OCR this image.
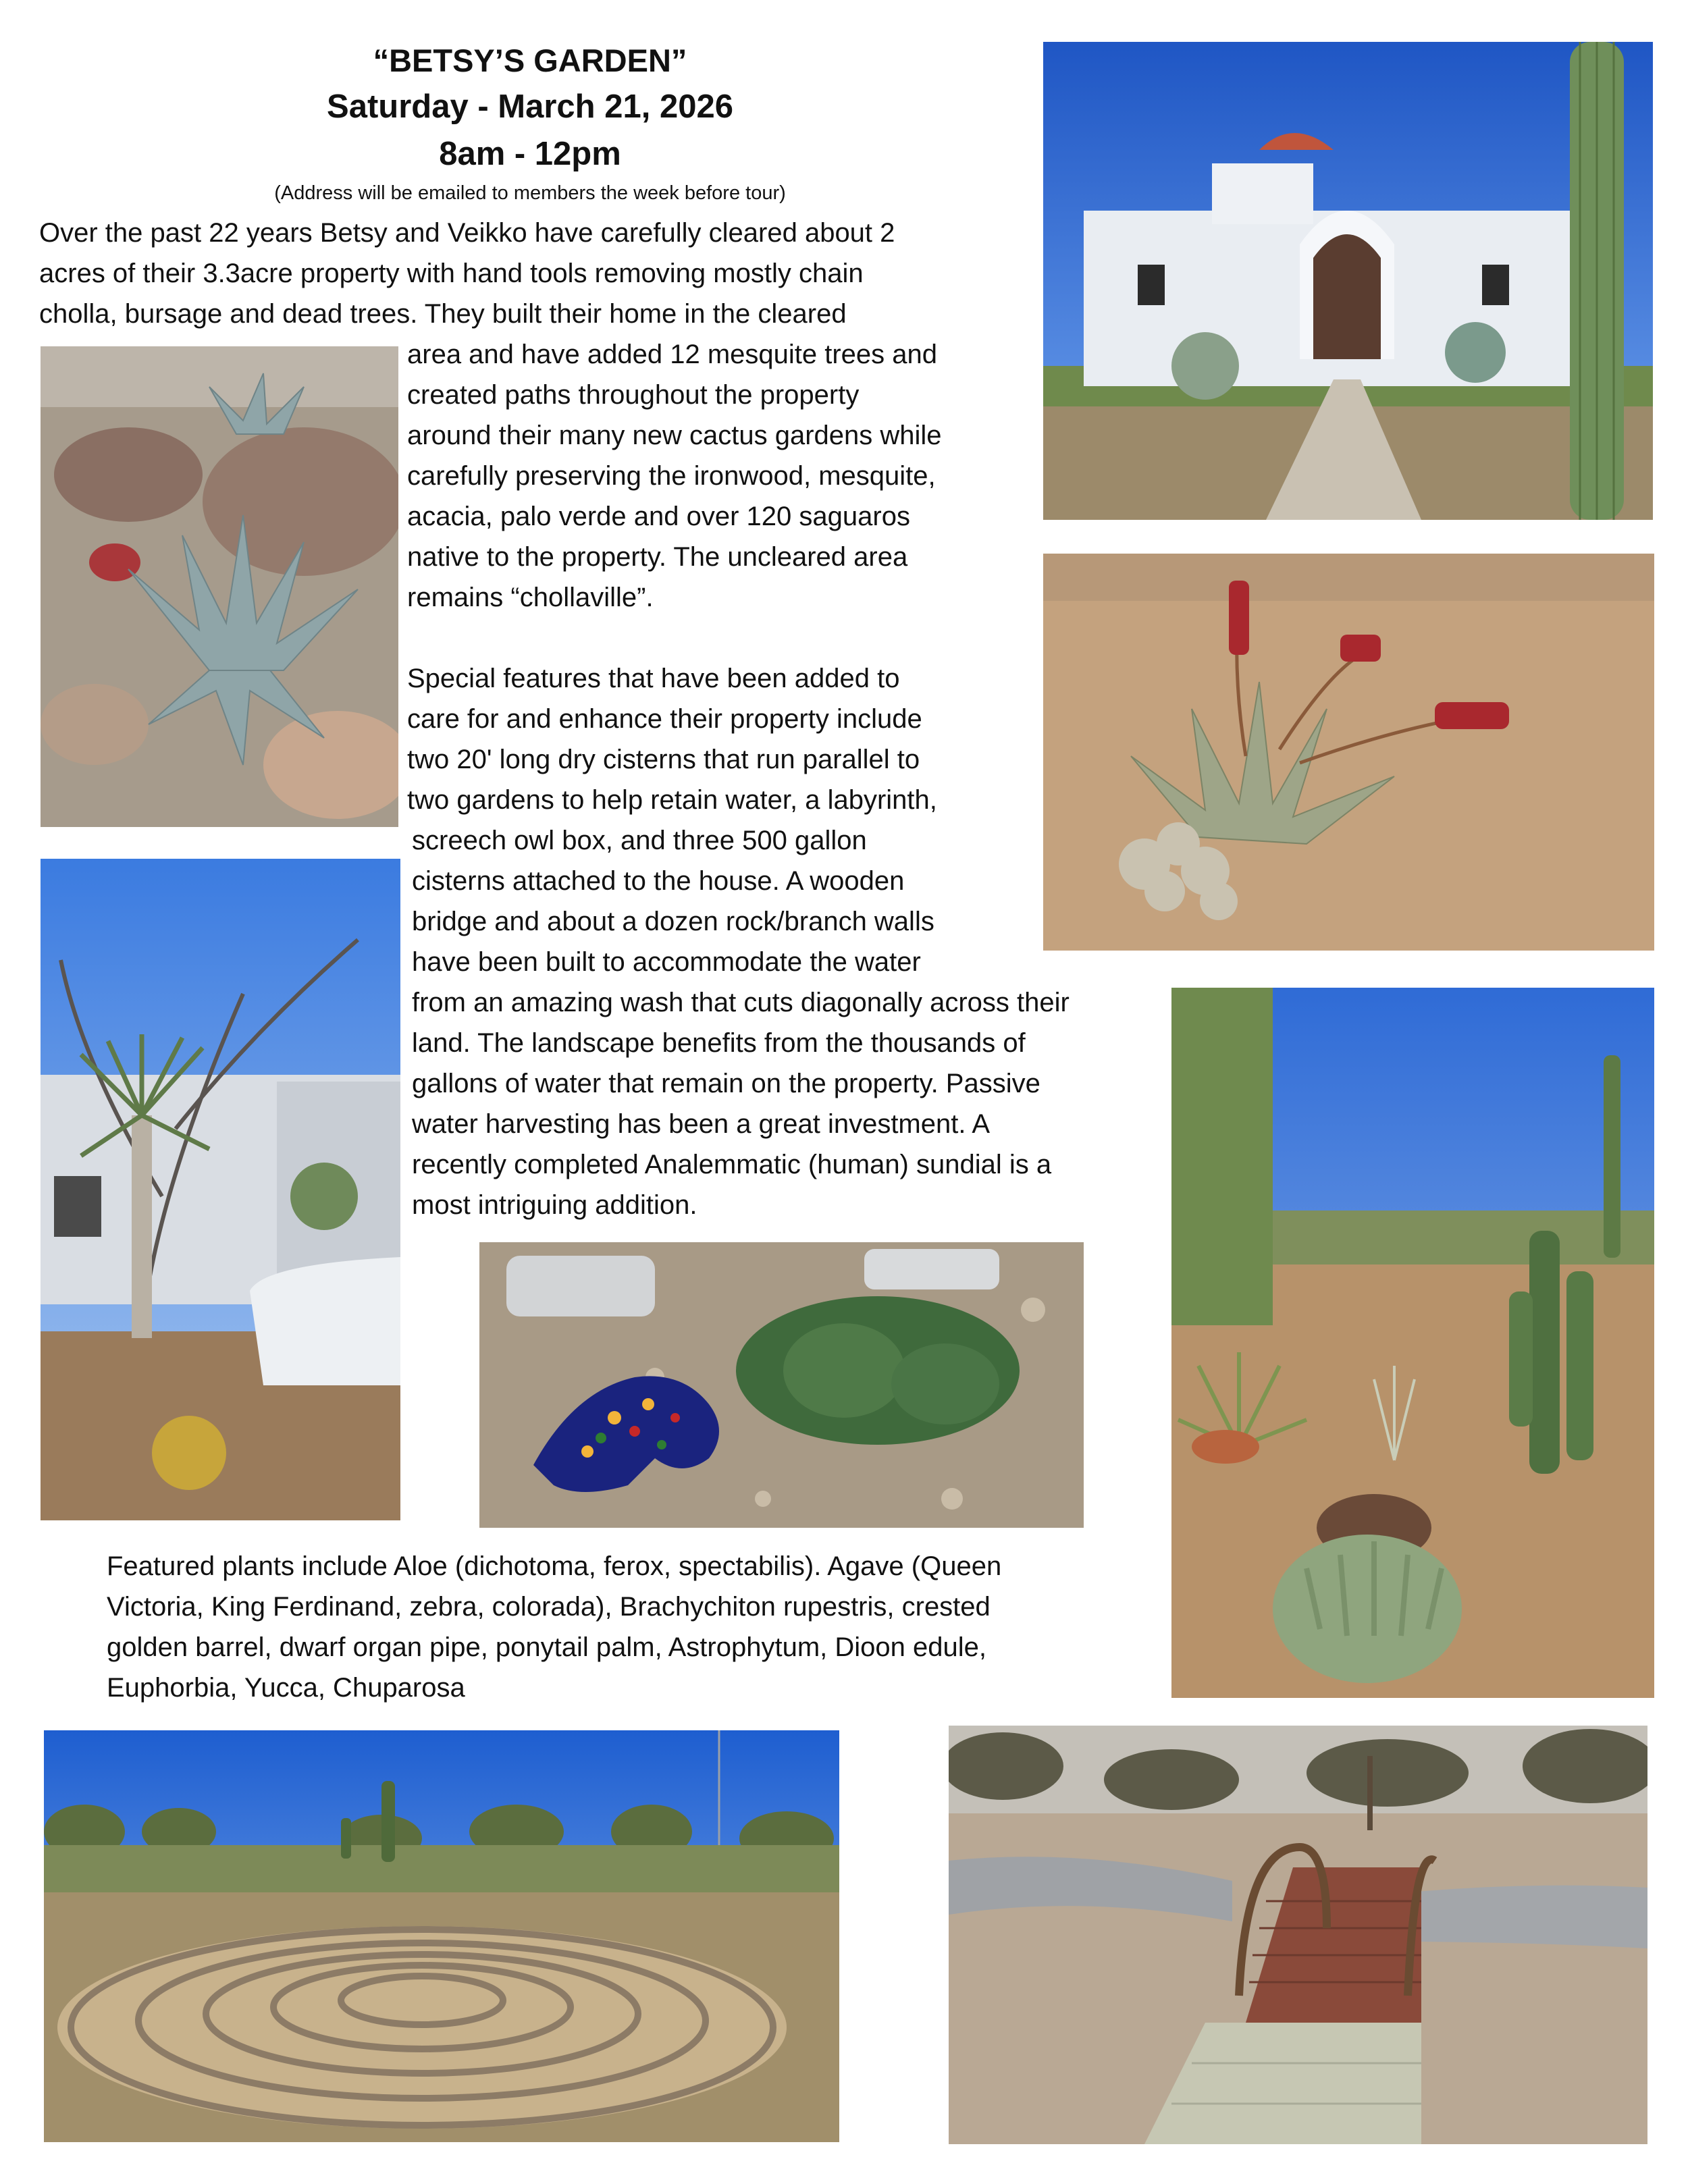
“BETSY’S GARDEN”
Saturday - March 21, 2026
8am - 12pm
(Address will be emailed to members the week before tour)
Over the past 22 years Betsy and Veikko have carefully cleared about 2
acres of their 3.3acre property with hand tools removing mostly chain
cholla, bursage and dead trees. They built their home in the cleared
area and have added 12 mesquite trees and
created paths throughout the property
around their many new cactus gardens while
carefully preserving the ironwood, mesquite,
acacia, palo verde and over 120 saguaros
native to the property. The uncleared area
remains “chollaville”.
Special features that have been added to
care for and enhance their property include
two 20' long dry cisterns that run parallel to
two gardens to help retain water, a labyrinth,
screech owl box, and three 500 gallon
cisterns attached to the house. A wooden
bridge and about a dozen rock/branch walls
have been built to accommodate the water
from an amazing wash that cuts diagonally across their
land. The landscape benefits from the thousands of
gallons of water that remain on the property. Passive
water harvesting has been a great investment. A
recently completed Analemmatic (human) sundial is a
most intriguing addition.
Featured plants include Aloe (dichotoma, ferox, spectabilis). Agave (Queen
Victoria, King Ferdinand, zebra, colorada), Brachychiton rupestris, crested
golden barrel, dwarf organ pipe, ponytail palm, Astrophytum, Dioon edule,
Euphorbia, Yucca, Chuparosa
